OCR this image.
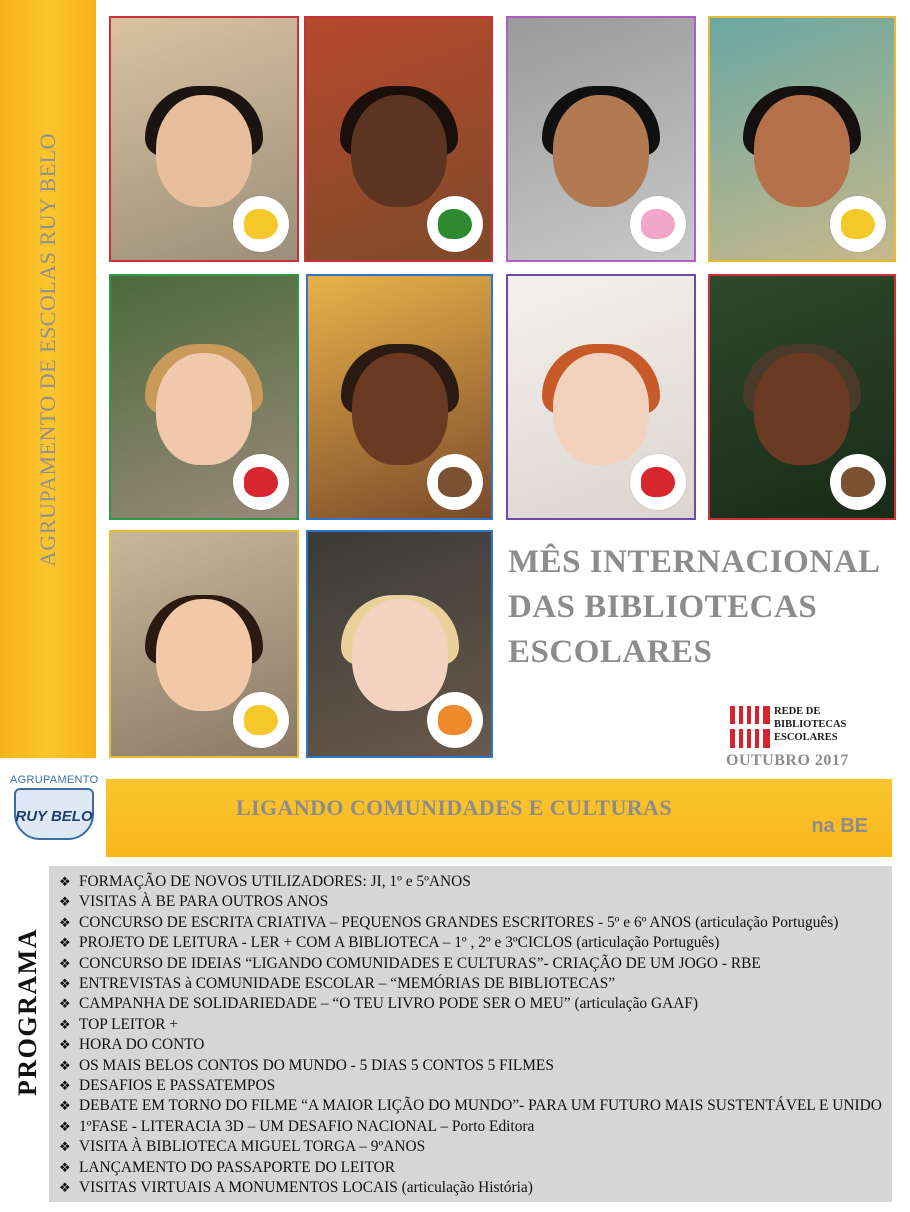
AGRUPAMENTO DE ESCOLAS RUY BELO	MÊS INTERNACIONAL
DAS BIBLIOTECAS
ESCOLARES
REDE DE
BIBLIOTECAS
ESCOLARES
OUTUBRO 2017
AGRUPAMENTO
RUY BELO	LIGANDO COMUNIDADES E CULTURAS
na BE
PROGRAMA
❖ FORMAÇÃO DE NOVOS UTILIZADORES: JI, 1º e 5ºANOS
❖ VISITAS À BE PARA OUTROS ANOS
❖ CONCURSO DE ESCRITA CRIATIVA – PEQUENOS GRANDES ESCRITORES - 5º e 6º ANOS (articulação Português)
❖ PROJETO DE LEITURA - LER + COM A BIBLIOTECA – 1º , 2º e 3ºCICLOS (articulação Português)
❖ CONCURSO DE IDEIAS “LIGANDO COMUNIDADES E CULTURAS”- CRIAÇÃO DE UM JOGO - RBE
❖ ENTREVISTAS à COMUNIDADE ESCOLAR – “MEMÓRIAS DE BIBLIOTECAS”
❖ CAMPANHA DE SOLIDARIEDADE – “O TEU LIVRO PODE SER O MEU” (articulação GAAF)
❖ TOP LEITOR +
❖ HORA DO CONTO
❖ OS MAIS BELOS CONTOS DO MUNDO - 5 DIAS 5 CONTOS 5 FILMES
❖ DESAFIOS E PASSATEMPOS
❖ DEBATE EM TORNO DO FILME “A MAIOR LIÇÃO DO MUNDO”- PARA UM FUTURO MAIS SUSTENTÁVEL E UNIDO
❖ 1ºFASE - LITERACIA 3D – UM DESAFIO NACIONAL – Porto Editora
❖ VISITA À BIBLIOTECA MIGUEL TORGA – 9ºANOS
❖ LANÇAMENTO DO PASSAPORTE DO LEITOR
❖ VISITAS VIRTUAIS A MONUMENTOS LOCAIS (articulação História)
